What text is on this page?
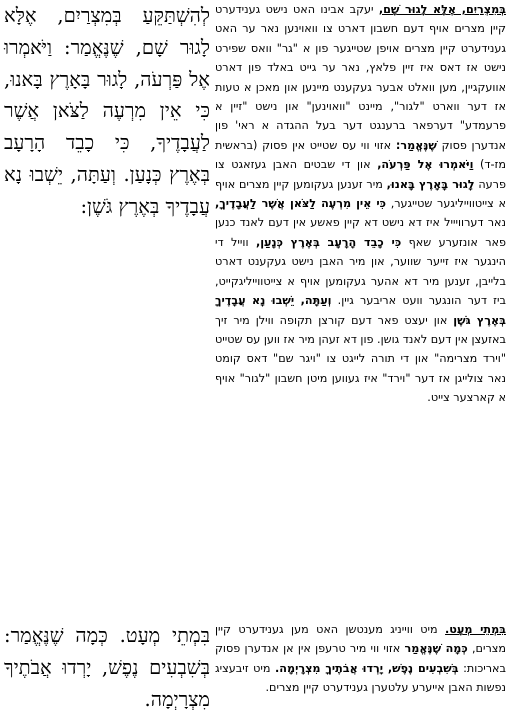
לְהִשְׁתַּקֵּעַ בְּמִצְרַיִם, אֶלָּא לָגוּר שָׁם, שֶׁנֶּאֱמַר: וַיֹּאמְרוּ אֶל פַּרְעֹה, לָגוּר בָּאָרֶץ בָּאנוּ, כִּי אֵין מִרְעֶה לַצֹּאן אֲשֶׁר לַעֲבָדֶיךָ, כִּי כָבֵד הָרָעָב בְּאֶרֶץ כְּנָעַן. וְעַתָּה, יֵשְׁבוּ נָא עֲבָדֶיךָ בְּאֶרֶץ גֹּשֶׁן:

בִּמְתֵי מְעָט. כְּמָה שֶׁנֶּאֱמַר: בְּשִׁבְעִים נֶפֶשׁ, יָרְדוּ אֲבֹתֶיךָ מִצְרָיְמָה.

בְּמִצְרַיִם, אֶלָּא לָגוּר שָׁם, יעקב אבינו האט נישט גענידערט קיין מצרים אויף דעם חשבון דארט צו וואוינען נאר ער האט גענידערט קיין מצרים אויפן שטייגער פון א "גר" וואס שפירט נישט אז דאס איז זיין פלאץ, נאר ער גייט באלד פון דארט אוועקגיין, מען וואלט אבער געקענט מיינען און מאכן א טעות אז דער ווארט "לגור", מיינט "וואוינען" און נישט "זיין א פרעמדע" דערפאר ברענגט דער בעל ההגדה א ראי' פון אנדערן פסוק שֶׁנֶּאֱמַר: אזוי ווי עס שטייט אין פסוק (בראשית מז-ד) וַיֹּאמְרוּ אֶל פַּרְעֹה, און די שבטים האבן געזאגט צו פרעה לָגוּר בָּאָרֶץ בָּאנוּ, מיר זענען געקומען קיין מצרים אויף א צייטווייליגער שטייגער, כִּי אֵין מִרְעֶה לַצֹּאן אֲשֶׁר לַעֲבָדֶיךָ, נאר דערוויייל איז דא נישט דא קיין פאשע אין דעם לאנד כנען פאר אונזערע שאף כִּי כָבֵד הָרָעָב בְּאֶרֶץ כְּנָעַן, ווייל די הינגער איז זייער שווער, און מיר האבן נישט געקענט דארט בלייבן, זענען מיר דא אהער געקומען אויף א צייטווייליגקייט, ביז דער הונגער וועט אריבער גיין. וְעַתָּה, יֵשְׁבוּ נָא עֲבָדֶיךָ בְּאֶרֶץ גֹּשֶׁן און יעצט פאר דעם קורצן תקופה ווילן מיר זיך באזעצן אין דעם לאנד גושן. פון דא זעהן מיר אז ווען עס שטייט "וירד מצרימה" און די תורה לייגט צו "ויגר שם" דאס קומט נאר צולייגן אז דער "וירד" איז געווען מיטן חשבון "לגור" אויף א קארצער צייט.

בִּמְתֵי מְעָט. מיט ווייניג מענטשן האט מען גענידערט קיין מצרים, כְּמָה שֶׁנֶּאֱמַר אזוי ווי מיר טרעפן אין אן אנדערן פסוק באריכות: בְּשִׁבְעִים נֶפֶשׁ, יָרְדוּ אֲבֹתֶיךָ מִצְרָיְמָה. מיט זיבעציג נפשות האבן אייערע עלטערן גענידערט קיין מצרים.
